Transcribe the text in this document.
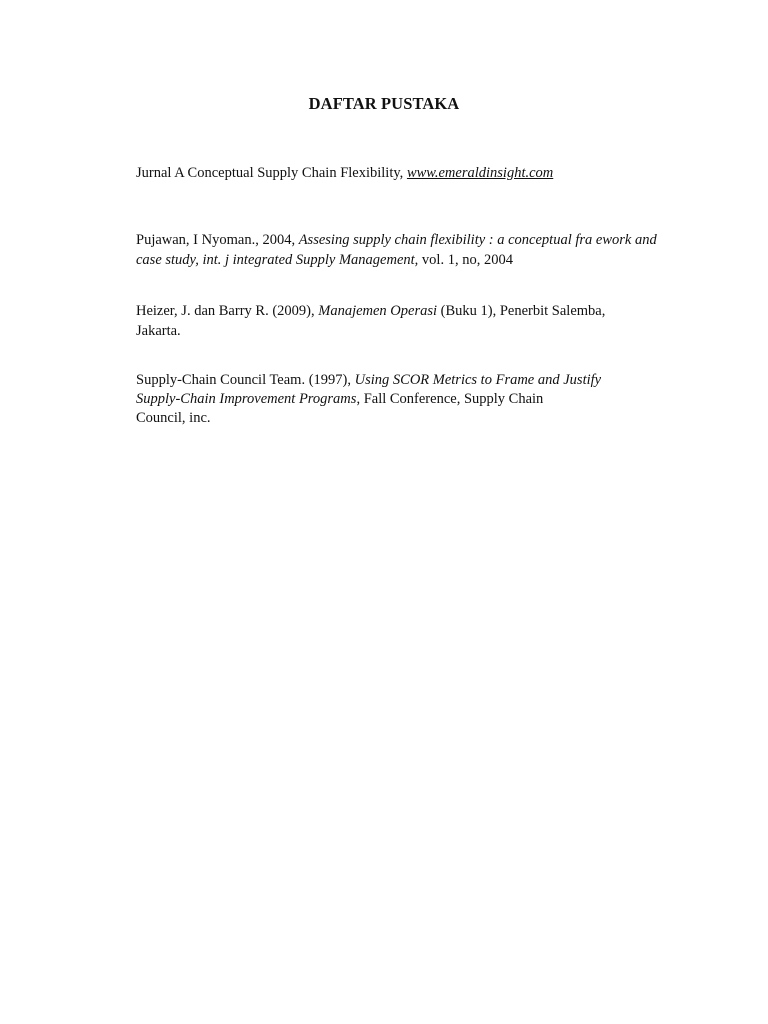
DAFTAR PUSTAKA
Jurnal A Conceptual Supply Chain Flexibility, www.emeraldinsight.com
Pujawan, I Nyoman., 2004, Assesing supply chain flexibility : a conceptual fra ework and
case study, int. j integrated Supply Management, vol. 1, no, 2004
Heizer, J. dan Barry R. (2009), Manajemen Operasi (Buku 1), Penerbit Salemba,
Jakarta.
Supply-Chain Council Team. (1997), Using SCOR Metrics to Frame and Justify
Supply-Chain Improvement Programs, Fall Conference, Supply Chain
Council, inc.
